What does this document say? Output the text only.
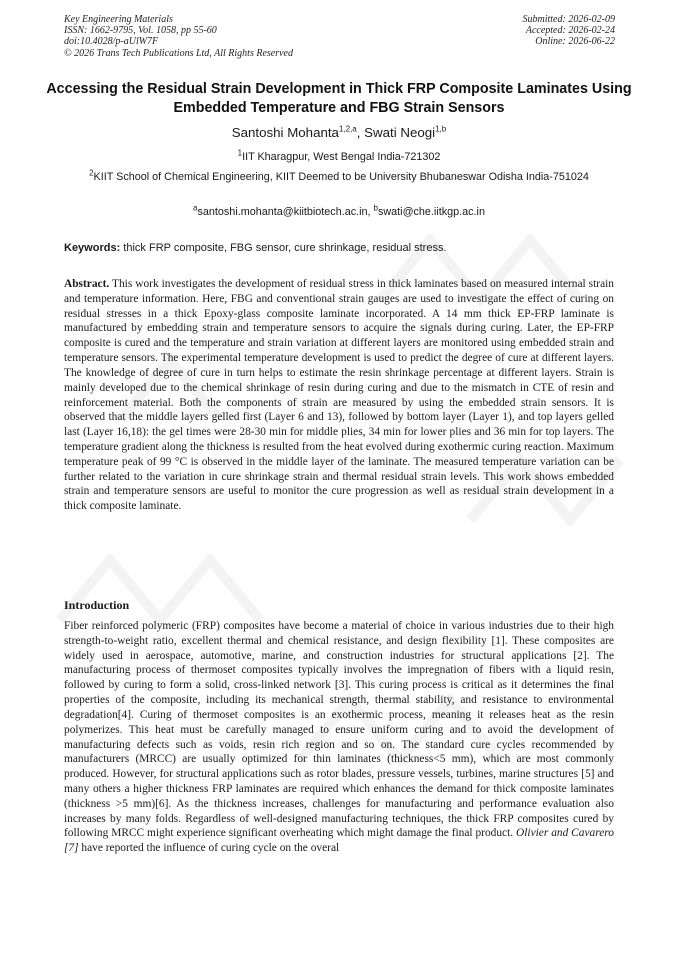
Key Engineering Materials
ISSN: 1662-9795, Vol. 1058, pp 55-60
doi:10.4028/p-aUlW7F
© 2026 Trans Tech Publications Ltd, All Rights Reserved
Submitted: 2026-02-09
Accepted: 2026-02-24
Online: 2026-06-22
Accessing the Residual Strain Development in Thick FRP Composite Laminates Using Embedded Temperature and FBG Strain Sensors
Santoshi Mohanta$^{1,2,a}$, Swati Neogi$^{1,b}$
$^1$IIT Kharagpur, West Bengal India-721302
$^2$KIIT School of Chemical Engineering, KIIT Deemed to be University Bhubaneswar Odisha India-751024
$^a$santoshi.mohanta@kiitbiotech.ac.in, $^b$swati@che.iitkgp.ac.in
Keywords: thick FRP composite, FBG sensor, cure shrinkage, residual stress.
Abstract. This work investigates the development of residual stress in thick laminates based on measured internal strain and temperature information. Here, FBG and conventional strain gauges are used to investigate the effect of curing on residual stresses in a thick Epoxy-glass composite laminate incorporated. A 14 mm thick EP-FRP laminate is manufactured by embedding strain and temperature sensors to acquire the signals during curing. Later, the EP-FRP composite is cured and the temperature and strain variation at different layers are monitored using embedded strain and temperature sensors. The experimental temperature development is used to predict the degree of cure at different layers. The knowledge of degree of cure in turn helps to estimate the resin shrinkage percentage at different layers. Strain is mainly developed due to the chemical shrinkage of resin during curing and due to the mismatch in CTE of resin and reinforcement material. Both the components of strain are measured by using the embedded strain sensors. It is observed that the middle layers gelled first (Layer 6 and 13), followed by bottom layer (Layer 1), and top layers gelled last (Layer 16,18): the gel times were 28-30 min for middle plies, 34 min for lower plies and 36 min for top layers. The temperature gradient along the thickness is resulted from the heat evolved during exothermic curing reaction. Maximum temperature peak of 99 °C is observed in the middle layer of the laminate. The measured temperature variation can be further related to the variation in cure shrinkage strain and thermal residual strain levels. This work shows embedded strain and temperature sensors are useful to monitor the cure progression as well as residual strain development in a thick composite laminate.
Introduction
Fiber reinforced polymeric (FRP) composites have become a material of choice in various industries due to their high strength-to-weight ratio, excellent thermal and chemical resistance, and design flexibility [1]. These composites are widely used in aerospace, automotive, marine, and construction industries for structural applications [2]. The manufacturing process of thermoset composites typically involves the impregnation of fibers with a liquid resin, followed by curing to form a solid, cross-linked network [3]. This curing process is critical as it determines the final properties of the composite, including its mechanical strength, thermal stability, and resistance to environmental degradation[4]. Curing of thermoset composites is an exothermic process, meaning it releases heat as the resin polymerizes. This heat must be carefully managed to ensure uniform curing and to avoid the development of manufacturing defects such as voids, resin rich region and so on. The standard cure cycles recommended by manufacturers (MRCC) are usually optimized for thin laminates (thickness<5 mm), which are most commonly produced. However, for structural applications such as rotor blades, pressure vessels, turbines, marine structures [5] and many others a higher thickness FRP laminates are required which enhances the demand for thick composite laminates (thickness >5 mm)[6]. As the thickness increases, challenges for manufacturing and performance evaluation also increases by many folds. Regardless of well-designed manufacturing techniques, the thick FRP composites cured by following MRCC might experience significant overheating which might damage the final product. Olivier and Cavarero [7] have reported the influence of curing cycle on the overal
